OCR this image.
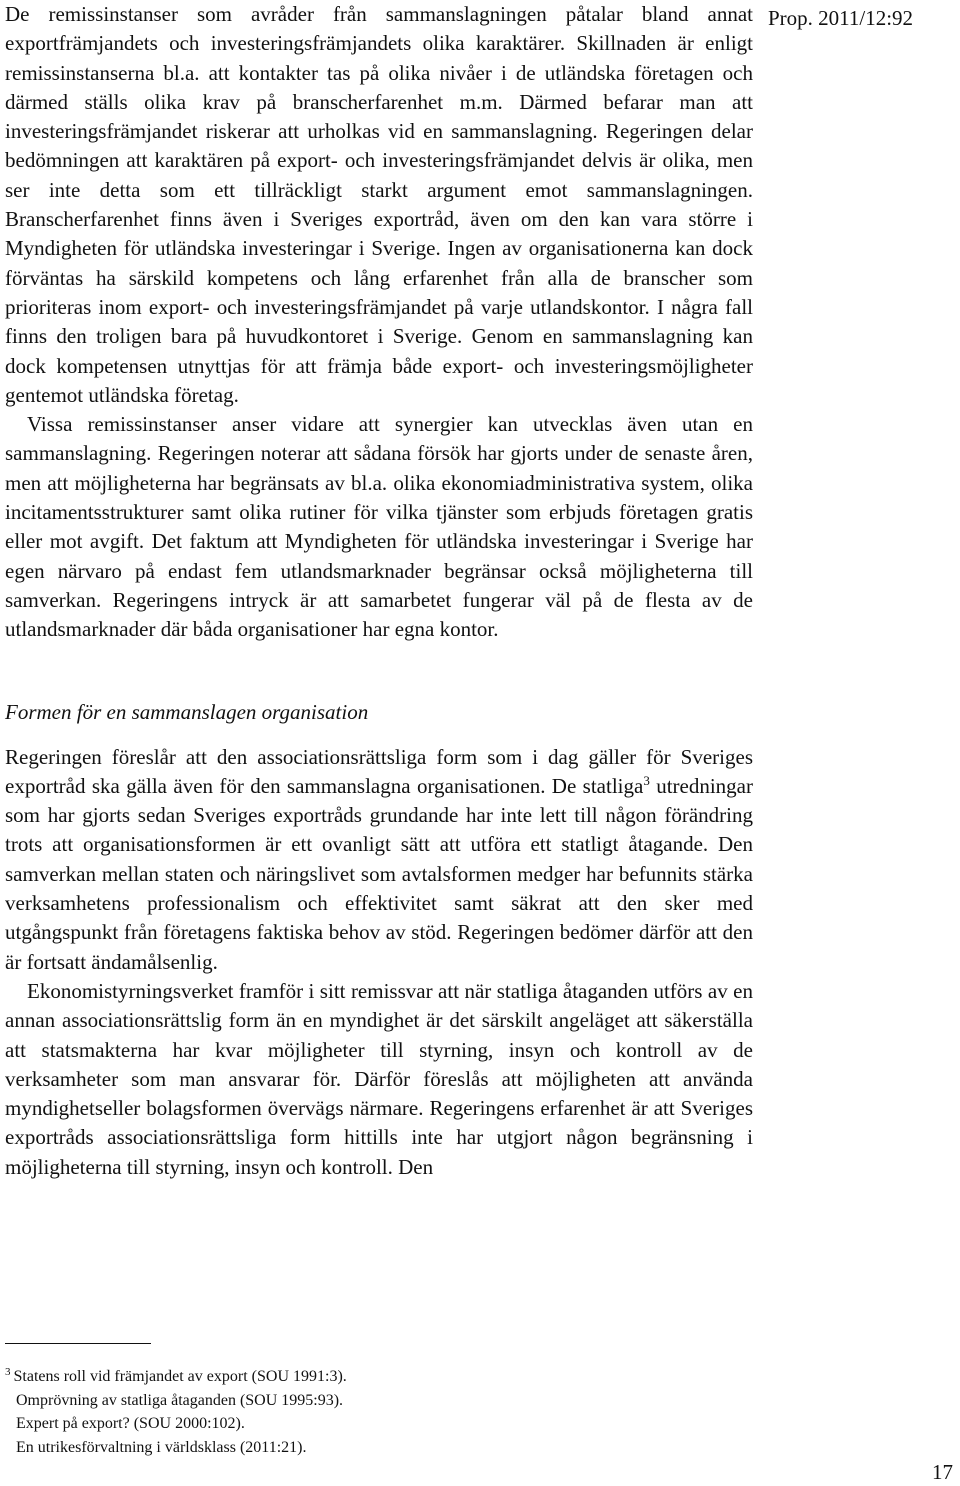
Prop. 2011/12:92

De remissinstanser som avråder från sammanslagningen påtalar bland annat exportfrämjandets och investeringsfrämjandets olika karaktärer. Skillnaden är enligt remissinstanserna bl.a. att kontakter tas på olika nivåer i de utländska företagen och därmed ställs olika krav på branscherfarenhet m.m. Därmed befarar man att investeringsfrämjandet riskerar att urholkas vid en sammanslagning. Regeringen delar bedömningen att karaktären på export- och investeringsfrämjandet delvis är olika, men ser inte detta som ett tillräckligt starkt argument emot sammanslagningen. Branscherfarenhet finns även i Sveriges exportråd, även om den kan vara större i Myndigheten för utländska investeringar i Sverige. Ingen av organisationerna kan dock förväntas ha särskild kompetens och lång erfarenhet från alla de branscher som prioriteras inom export- och investeringsfrämjandet på varje utlandskontor. I några fall finns den troligen bara på huvudkontoret i Sverige. Genom en sammanslagning kan dock kompetensen utnyttjas för att främja både export- och investeringsmöjligheter gentemot utländska företag.

Vissa remissinstanser anser vidare att synergier kan utvecklas även utan en sammanslagning. Regeringen noterar att sådana försök har gjorts under de senaste åren, men att möjligheterna har begränsats av bl.a. olika ekonomiadministrativa system, olika incitamentsstrukturer samt olika rutiner för vilka tjänster som erbjuds företagen gratis eller mot avgift. Det faktum att Myndigheten för utländska investeringar i Sverige har egen närvaro på endast fem utlandsmarknader begränsar också möjligheterna till samverkan. Regeringens intryck är att samarbetet fungerar väl på de flesta av de utlandsmarknader där båda organisationer har egna kontor.

Formen för en sammanslagen organisation

Regeringen föreslår att den associationsrättsliga form som i dag gäller för Sveriges exportråd ska gälla även för den sammanslagna organisationen. De statliga$^3$ utredningar som har gjorts sedan Sveriges exportråds grundande har inte lett till någon förändring trots att organisationsformen är ett ovanligt sätt att utföra ett statligt åtagande. Den samverkan mellan staten och näringslivet som avtalsformen medger har befunnits stärka verksamhetens professionalism och effektivitet samt säkrat att den sker med utgångspunkt från företagens faktiska behov av stöd. Regeringen bedömer därför att den är fortsatt ändamålsenlig.

Ekonomistyrningsverket framför i sitt remissvar att när statliga åtaganden utförs av en annan associationsrättslig form än en myndighet är det särskilt angeläget att säkerställa att statsmakterna har kvar möjligheter till styrning, insyn och kontroll av de verksamheter som man ansvarar för. Därför föreslås att möjligheten att använda myndighetseller bolagsformen övervägs närmare. Regeringens erfarenhet är att Sveriges exportråds associationsrättsliga form hittills inte har utgjort någon begränsning i möjligheterna till styrning, insyn och kontroll. Den

$^3$ Statens roll vid främjandet av export (SOU 1991:3).
Omprövning av statliga åtaganden (SOU 1995:93).
Expert på export? (SOU 2000:102).
En utrikesförvaltning i världsklass (2011:21).
17
